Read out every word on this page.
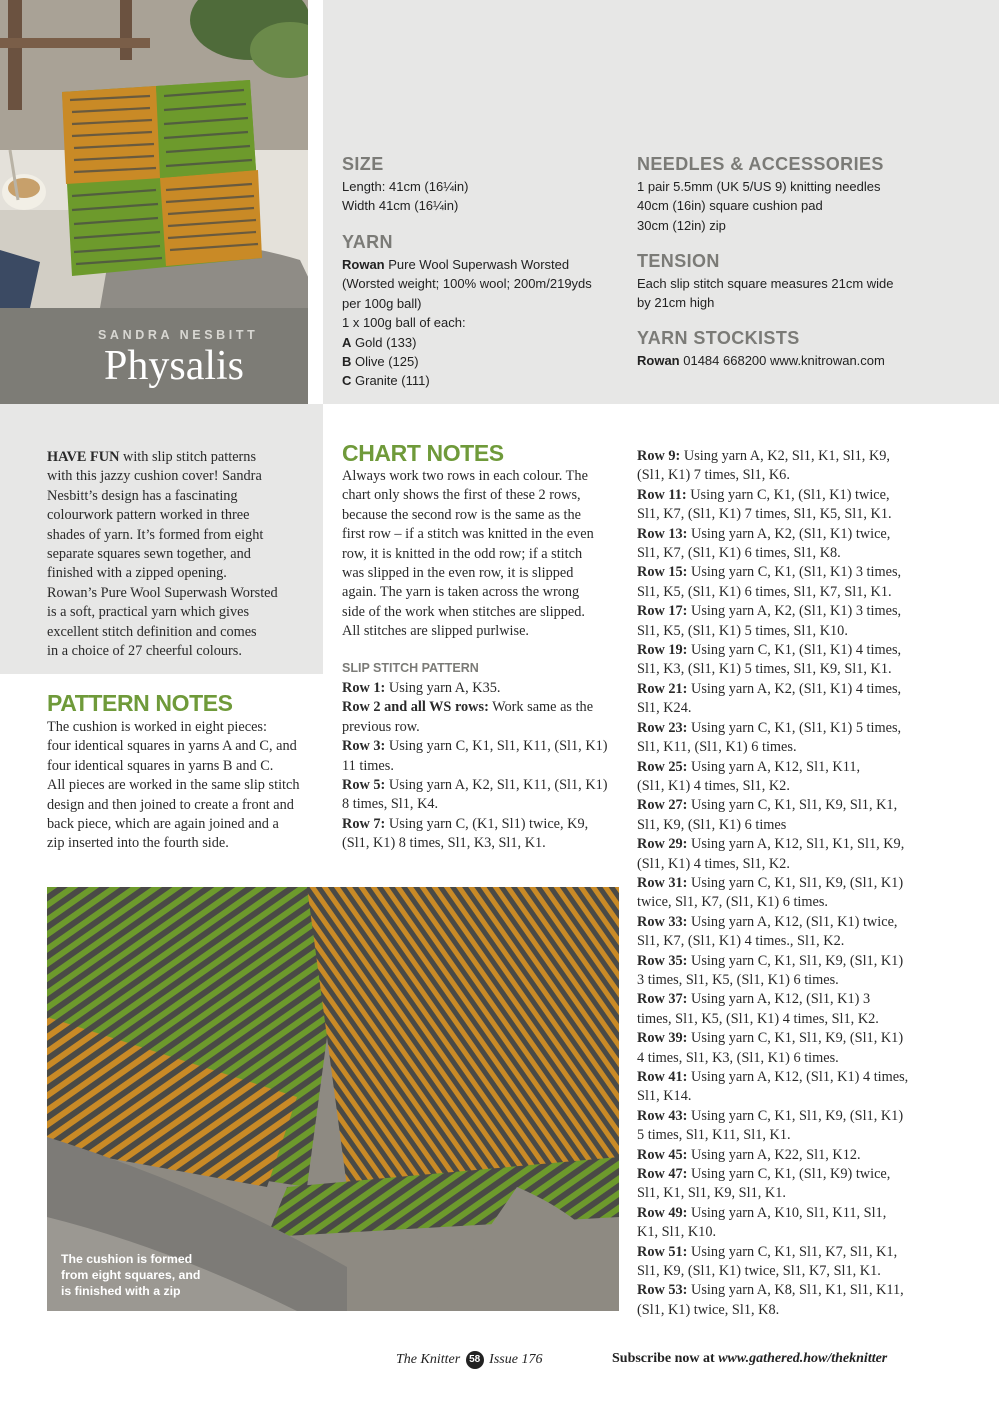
SANDRA NESBITT
Physalis
SIZE
Length: 41cm (16¼in)
Width 41cm (16¼in)
YARN
Rowan Pure Wool Superwash Worsted
(Worsted weight; 100% wool; 200m/219yds
per 100g ball)
1 x 100g ball of each:
A Gold (133)
B Olive (125)
C Granite (111)
NEEDLES & ACCESSORIES
1 pair 5.5mm (UK 5/US 9) knitting needles
40cm (16in) square cushion pad
30cm (12in) zip
TENSION
Each slip stitch square measures 21cm wide
by 21cm high
YARN STOCKISTS
Rowan 01484 668200 www.knitrowan.com
HAVE FUN with slip stitch patterns
with this jazzy cushion cover! Sandra
Nesbitt’s design has a fascinating
colourwork pattern worked in three
shades of yarn. It’s formed from eight
separate squares sewn together, and
finished with a zipped opening.
Rowan’s Pure Wool Superwash Worsted
is a soft, practical yarn which gives
excellent stitch definition and comes
in a choice of 27 cheerful colours.
PATTERN NOTES
The cushion is worked in eight pieces:
four identical squares in yarns A and C, and
four identical squares in yarns B and C.
All pieces are worked in the same slip stitch
design and then joined to create a front and
back piece, which are again joined and a
zip inserted into the fourth side.
CHART NOTES
Always work two rows in each colour. The
chart only shows the first of these 2 rows,
because the second row is the same as the
first row – if a stitch was knitted in the even
row, it is knitted in the odd row; if a stitch
was slipped in the even row, it is slipped
again. The yarn is taken across the wrong
side of the work when stitches are slipped.
All stitches are slipped purlwise.
SLIP STITCH PATTERN

Row 1: Using yarn A, K35.

Row 2 and all WS rows: Work same as the
previous row.

Row 3: Using yarn C, K1, Sl1, K11, (Sl1, K1)
11 times.

Row 5: Using yarn A, K2, Sl1, K11, (Sl1, K1)
8 times, Sl1, K4.

Row 7: Using yarn C, (K1, Sl1) twice, K9,
(Sl1, K1) 8 times, Sl1, K3, Sl1, K1.

Row 9: Using yarn A, K2, Sl1, K1, Sl1, K9,
(Sl1, K1) 7 times, Sl1, K6.

Row 11: Using yarn C, K1, (Sl1, K1) twice,
Sl1, K7, (Sl1, K1) 7 times, Sl1, K5, Sl1, K1.

Row 13: Using yarn A, K2, (Sl1, K1) twice,
Sl1, K7, (Sl1, K1) 6 times, Sl1, K8.

Row 15: Using yarn C, K1, (Sl1, K1) 3 times,
Sl1, K5, (Sl1, K1) 6 times, Sl1, K7, Sl1, K1.

Row 17: Using yarn A, K2, (Sl1, K1) 3 times,
Sl1, K5, (Sl1, K1) 5 times, Sl1, K10.

Row 19: Using yarn C, K1, (Sl1, K1) 4 times,
Sl1, K3, (Sl1, K1) 5 times, Sl1, K9, Sl1, K1.

Row 21: Using yarn A, K2, (Sl1, K1) 4 times,
Sl1, K24.

Row 23: Using yarn C, K1, (Sl1, K1) 5 times,
Sl1, K11, (Sl1, K1) 6 times.

Row 25: Using yarn A, K12, Sl1, K11,
(Sl1, K1) 4 times, Sl1, K2.

Row 27: Using yarn C, K1, Sl1, K9, Sl1, K1,
Sl1, K9, (Sl1, K1) 6 times

Row 29: Using yarn A, K12, Sl1, K1, Sl1, K9,
(Sl1, K1) 4 times, Sl1, K2.

Row 31: Using yarn C, K1, Sl1, K9, (Sl1, K1)
twice, Sl1, K7, (Sl1, K1) 6 times.

Row 33: Using yarn A, K12, (Sl1, K1) twice,
Sl1, K7, (Sl1, K1) 4 times., Sl1, K2.

Row 35: Using yarn C, K1, Sl1, K9, (Sl1, K1)
3 times, Sl1, K5, (Sl1, K1) 6 times.

Row 37: Using yarn A, K12, (Sl1, K1) 3
times, Sl1, K5, (Sl1, K1) 4 times, Sl1, K2.

Row 39: Using yarn C, K1, Sl1, K9, (Sl1, K1)
4 times, Sl1, K3, (Sl1, K1) 6 times.

Row 41: Using yarn A, K12, (Sl1, K1) 4 times,
Sl1, K14.

Row 43: Using yarn C, K1, Sl1, K9, (Sl1, K1)
5 times, Sl1, K11, Sl1, K1.

Row 45: Using yarn A, K22, Sl1, K12.

Row 47: Using yarn C, K1, (Sl1, K9) twice,
Sl1, K1, Sl1, K9, Sl1, K1.

Row 49: Using yarn A, K10, Sl1, K11, Sl1,
K1, Sl1, K10.

Row 51: Using yarn C, K1, Sl1, K7, Sl1, K1,
Sl1, K9, (Sl1, K1) twice, Sl1, K7, Sl1, K1.

Row 53: Using yarn A, K8, Sl1, K1, Sl1, K11,
(Sl1, K1) twice, Sl1, K8.

The cushion is formed
from eight squares, and
is finished with a zip
The Knitter 58 Issue 176	Subscribe now at www.gathered.how/theknitter
